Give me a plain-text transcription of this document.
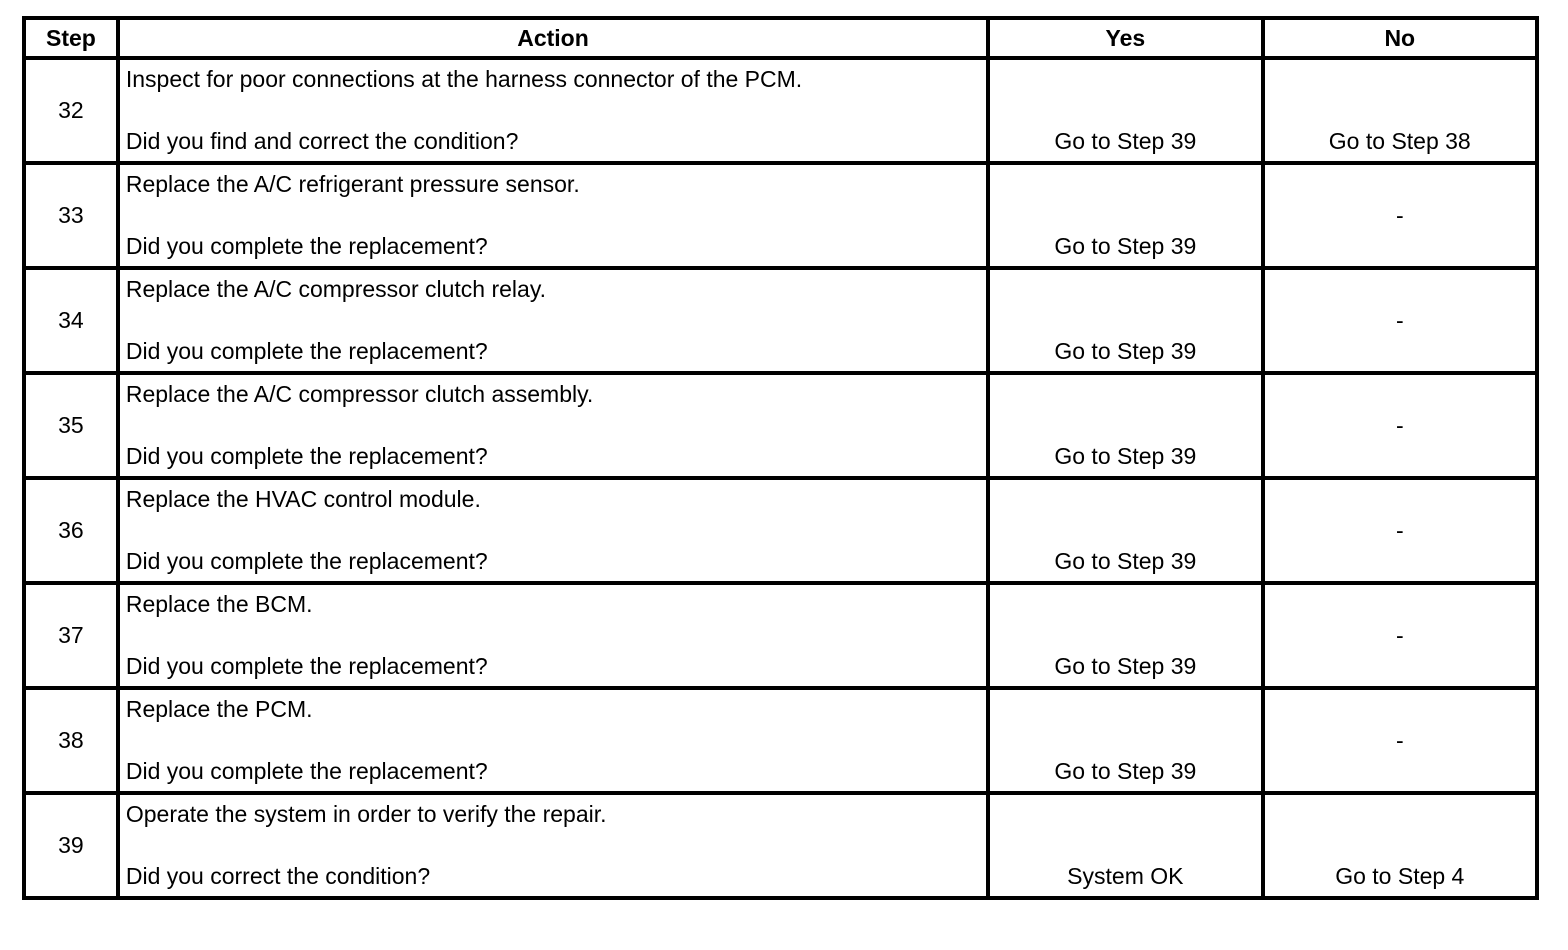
Step	Action	Yes	No
32	Inspect for poor connections at the harness connector of the PCM.
Did you find and correct the condition?	Go to Step 39	Go to Step 38

33	Replace the A/C refrigerant pressure sensor.
Did you complete the replacement?	Go to Step 39	-

34	Replace the A/C compressor clutch relay.
Did you complete the replacement?	Go to Step 39	-

35	Replace the A/C compressor clutch assembly.
Did you complete the replacement?	Go to Step 39	-

36	Replace the HVAC control module.
Did you complete the replacement?	Go to Step 39	-

37	Replace the BCM.
Did you complete the replacement?	Go to Step 39	-

38	Replace the PCM.
Did you complete the replacement?	Go to Step 39	-

39	Operate the system in order to verify the repair.
Did you correct the condition?	System OK	Go to Step 4
